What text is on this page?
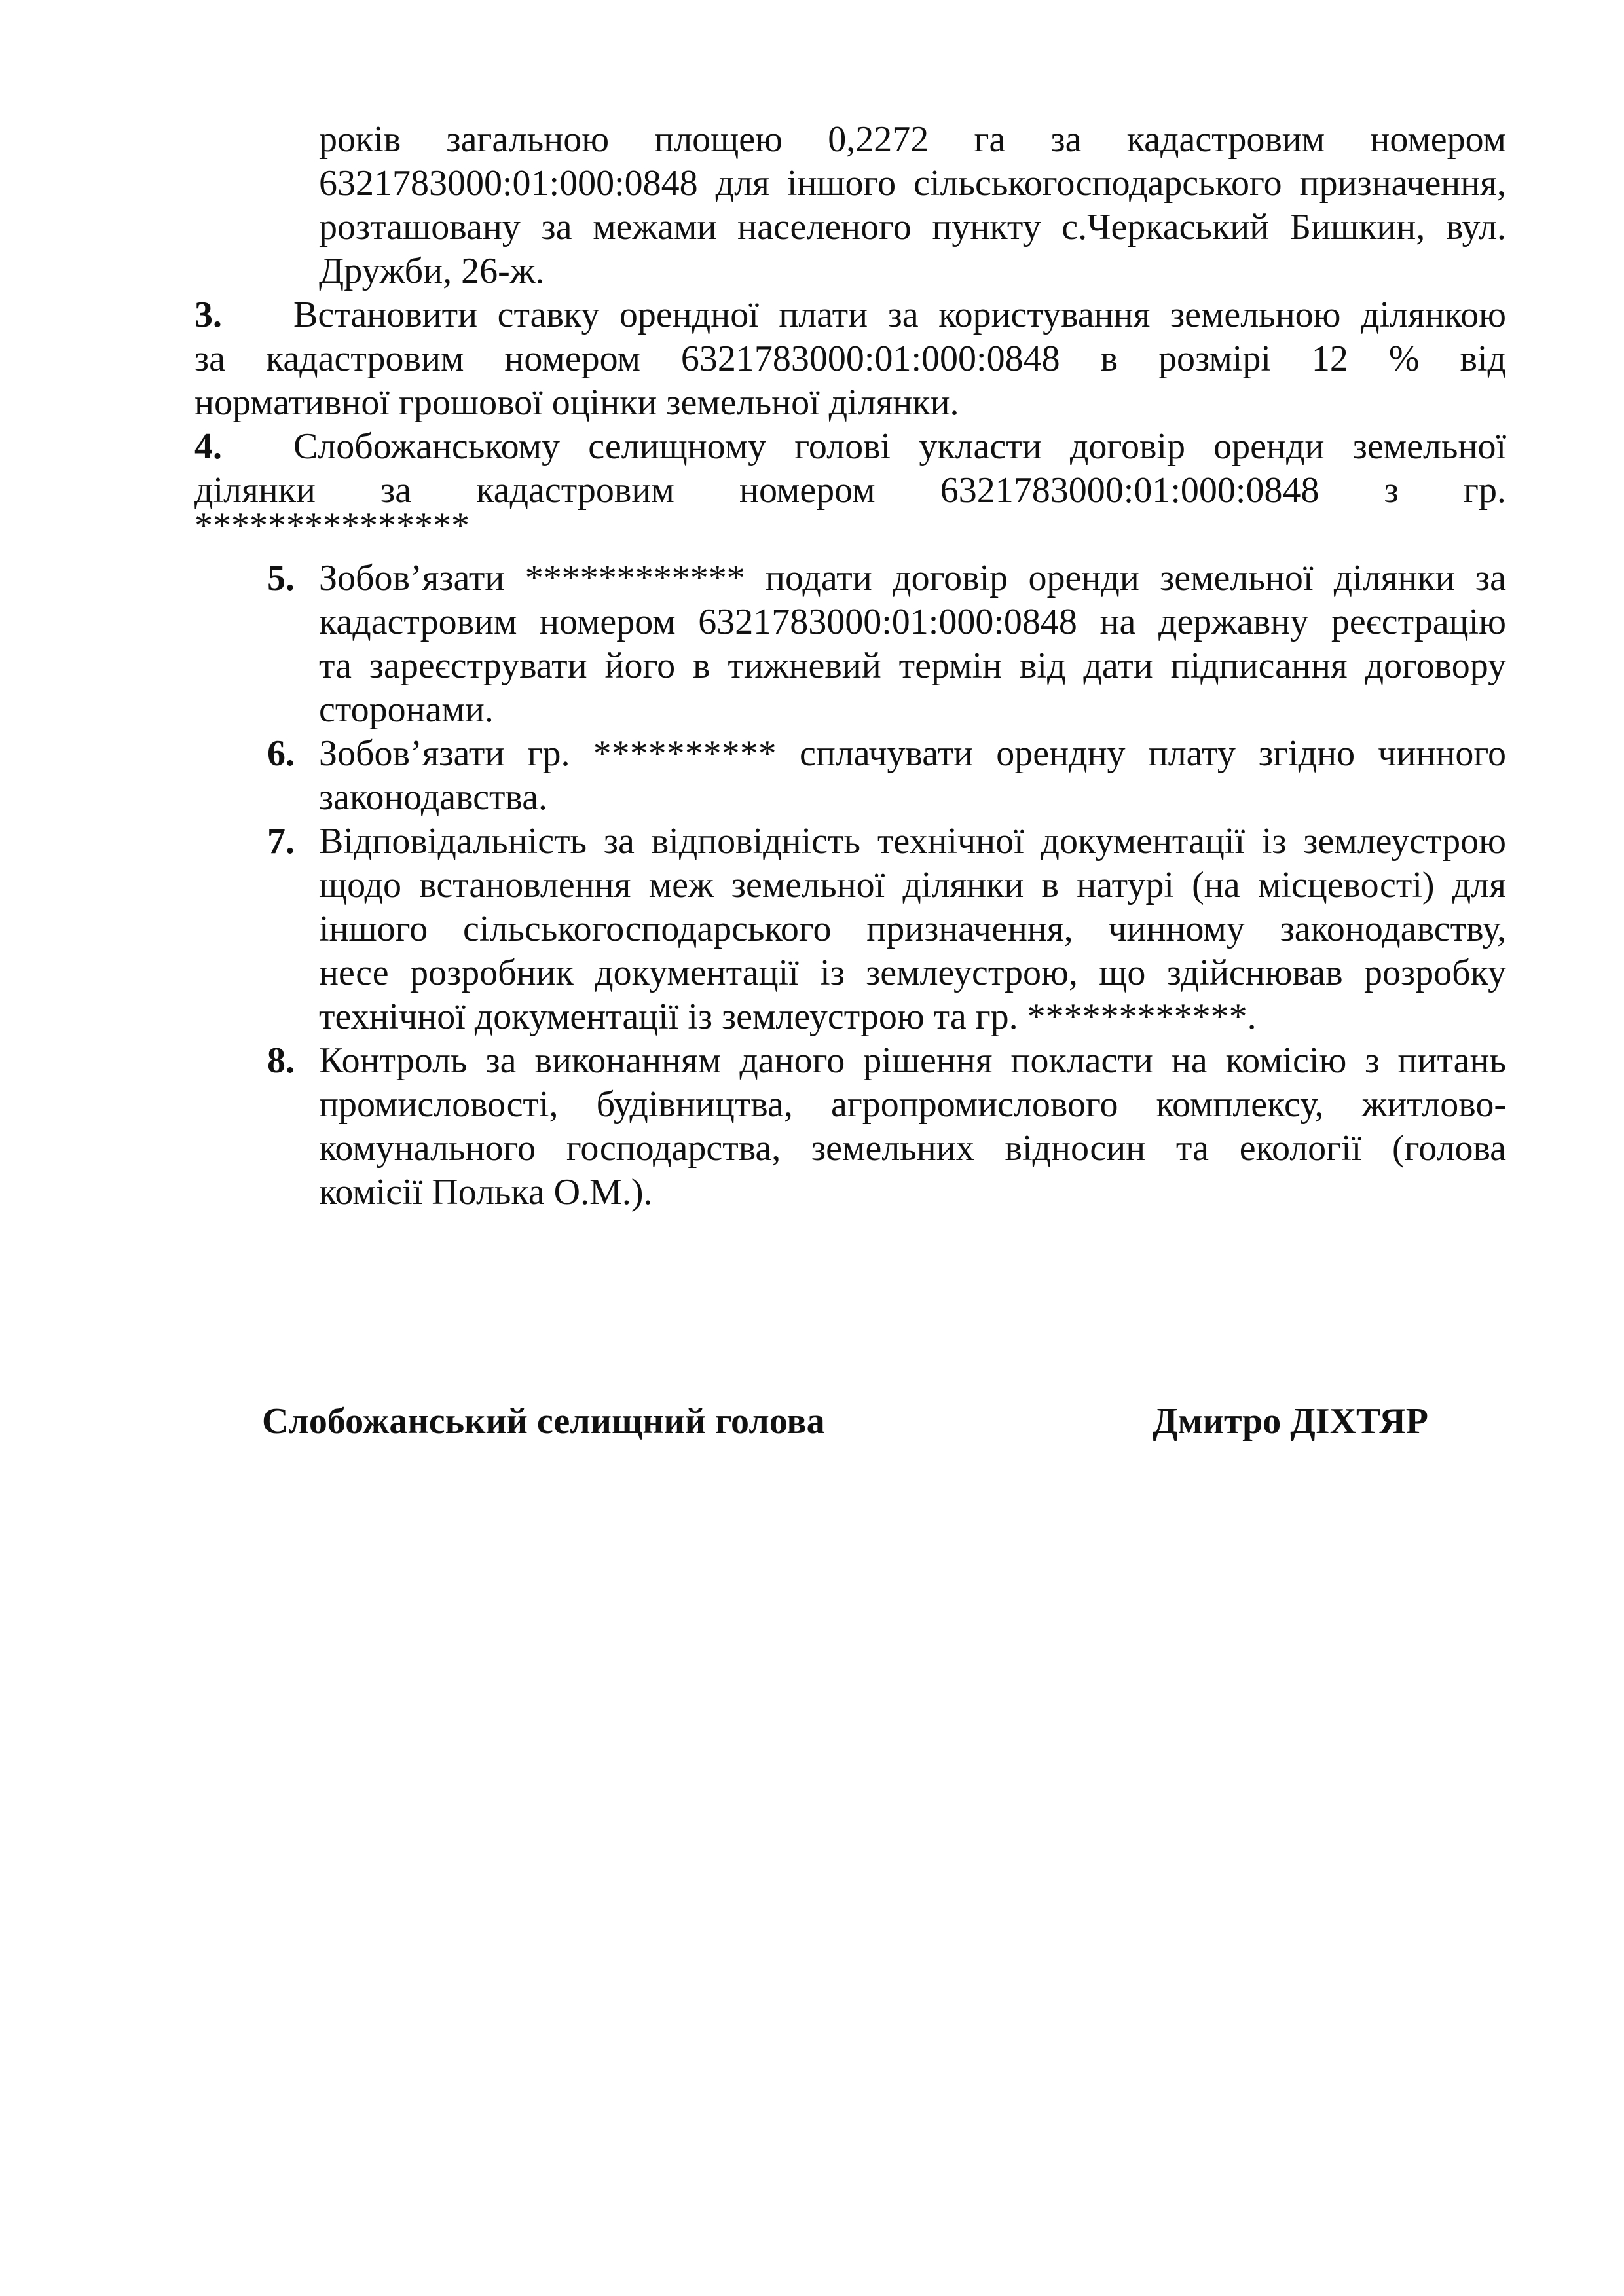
років загальною площею 0,2272 га за кадастровим номером
6321783000:01:000:0848 для іншого сільськогосподарського призначення,
розташовану за межами населеного пункту с.Черкаський Бишкин, вул.
Дружби, 26-ж.
3. Встановити ставку орендної плати за користування земельною ділянкою
за кадастровим номером 6321783000:01:000:0848 в розмірі 12 % від
нормативної грошової оцінки земельної ділянки.
4. Слобожанському селищному голові укласти договір оренди земельної
ділянки за кадастровим номером 6321783000:01:000:0848 з гр.
***************
5. Зобов’язати ************ подати договір оренди земельної ділянки за
кадастровим номером 6321783000:01:000:0848 на державну реєстрацію
та зареєструвати його в тижневий термін від дати підписання договору
сторонами.
6. Зобов’язати гр. ********** сплачувати орендну плату згідно чинного
законодавства.
7. Відповідальність за відповідність технічної документації із землеустрою
щодо встановлення меж земельної ділянки в натурі (на місцевості) для
іншого сільськогосподарського призначення, чинному законодавству,
несе розробник документації із землеустрою, що здійснював розробку
технічної документації із землеустрою та гр. ************.
8. Контроль за виконанням даного рішення покласти на комісію з питань
промисловості, будівництва, агропромислового комплексу, житлово-
комунального господарства, земельних відносин та екології (голова
комісії Полька О.М.).
Слобожанський селищний голова	Дмитро ДІХТЯР
